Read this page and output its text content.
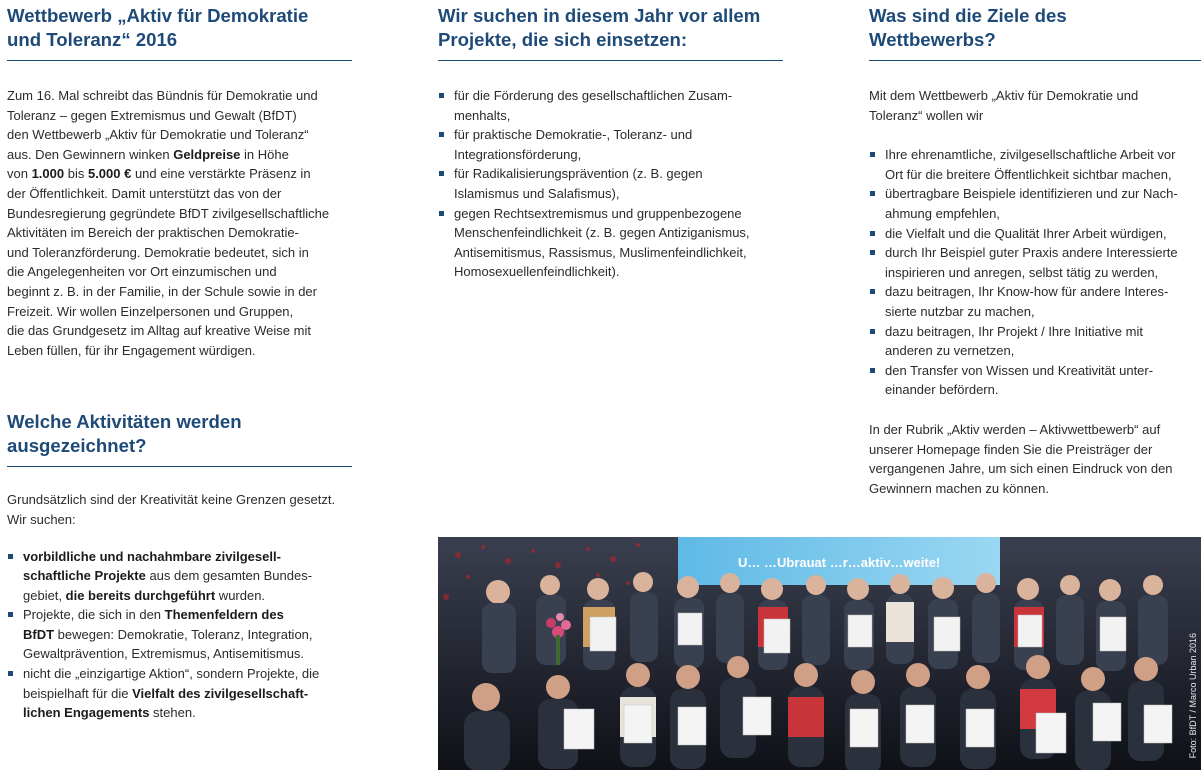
Wettbewerb „Aktiv für Demokratie
und Toleranz“ 2016

Zum 16. Mal schreibt das Bündnis für Demokratie und
Toleranz – gegen Extremismus und Gewalt (BfDT)
den Wettbewerb „Aktiv für Demokratie und Toleranz“
aus. Den Gewinnern winken Geldpreise in Höhe
von 1.000 bis 5.000 € und eine verstärkte Präsenz in
der Öffentlichkeit. Damit unterstützt das von der
Bundesregierung gegründete BfDT zivilgesellschaftliche
Aktivitäten im Bereich der praktischen Demokratie-
und Toleranzförderung. Demokratie bedeutet, sich in
die Angelegenheiten vor Ort einzumischen und
beginnt z. B. in der Familie, in der Schule sowie in der
Freizeit. Wir wollen Einzelpersonen und Gruppen,
die das Grundgesetz im Alltag auf kreative Weise mit
Leben füllen, für ihr Engagement würdigen.

Welche Aktivitäten werden
ausgezeichnet?

Grundsätzlich sind der Kreativität keine Grenzen gesetzt.
Wir suchen:

vorbildliche und nachahmbare zivilgesell-
schaftliche Projekte aus dem gesamten Bundes-
gebiet, die bereits durchgeführt wurden.
Projekte, die sich in den Themenfeldern des
BfDT bewegen: Demokratie, Toleranz, Integration,
Gewaltprävention, Extremismus, Antisemitismus.
nicht die „einzigartige Aktion“, sondern Projekte, die
beispielhaft für die Vielfalt des zivilgesellschaft-
lichen Engagements stehen.
Wir suchen in diesem Jahr vor allem
Projekte, die sich einsetzen:
für die Förderung des gesellschaftlichen Zusam-
menhalts,
für praktische Demokratie-, Toleranz- und
Integrationsförderung,
für Radikalisierungsprävention (z. B. gegen
Islamismus und Salafismus),
gegen Rechtsextremismus und gruppenbezogene
Menschenfeindlichkeit (z. B. gegen Antiziganismus,
Antisemitismus, Rassismus, Muslimenfeindlichkeit,
Homosexuellenfeindlichkeit).
Was sind die Ziele des
Wettbewerbs?

Mit dem Wettbewerb „Aktiv für Demokratie und
Toleranz“ wollen wir

Ihre ehrenamtliche, zivilgesellschaftliche Arbeit vor
Ort für die breitere Öffentlichkeit sichtbar machen,
übertragbare Beispiele identifizieren und zur Nach-
ahmung empfehlen,
die Vielfalt und die Qualität Ihrer Arbeit würdigen,
durch Ihr Beispiel guter Praxis andere Interessierte
inspirieren und anregen, selbst tätig zu werden,
dazu beitragen, Ihr Know-how für andere Interes-
sierte nutzbar zu machen,
dazu beitragen, Ihr Projekt / Ihre Initiative mit
anderen zu vernetzen,
den Transfer von Wissen und Kreativität unter-
einander befördern.

In der Rubrik „Aktiv werden – Aktivwettbewerb“ auf
unserer Homepage finden Sie die Preisträger der
vergangenen Jahre, um sich einen Eindruck von den
Gewinnern machen zu können.

U… …Ubrauat …r…aktiv…weite!
Foto: BfDT / Marco Urban 2016
